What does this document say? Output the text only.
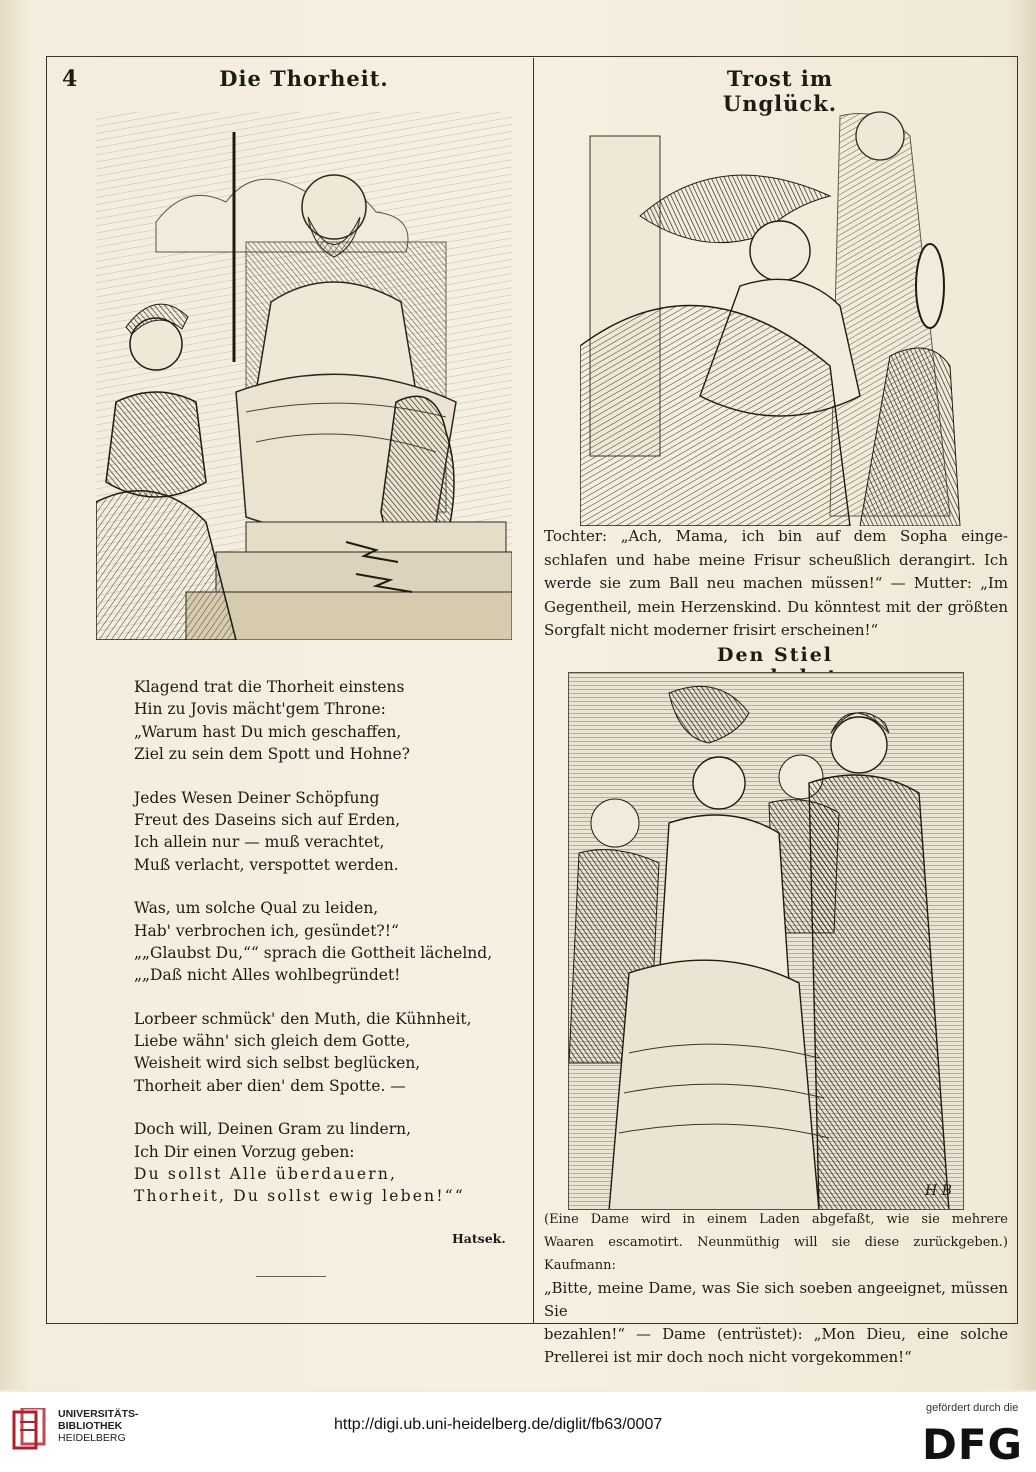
4	Die Thorheit.	Trost im Unglück.
Den Stiel
H B
Klagend trat die Thorheit einstens
Hin zu Jovis mächt'gem Throne:
„Warum hast Du mich geschaffen,
Ziel zu sein dem Spott und Hohne?
Jedes Wesen Deiner Schöpfung
Freut des Daseins sich auf Erden,
Ich allein nur — muß verachtet,
Muß verlacht, verspottet werden.
Was, um solche Qual zu leiden,
Hab' verbrochen ich, gesündet?!“
„„Glaubst Du,““ sprach die Gottheit lächelnd,
„„Daß nicht Alles wohlbegründet!
Lorbeer schmück' den Muth, die Kühnheit,
Liebe wähn' sich gleich dem Gotte,
Weisheit wird sich selbst beglücken,
Thorheit aber dien' dem Spotte. —
Doch will, Deinen Gram zu lindern,
Ich Dir einen Vorzug geben:
Du sollst Alle überdauern,
Thorheit, Du sollst ewig leben!““
Hatsek.
Tochter: „Ach, Mama, ich bin auf dem Sopha einge-
schlafen und habe meine Frisur scheußlich derangirt. Ich
werde sie zum Ball neu machen müssen!“ — Mutter: „Im
Gegentheil, mein Herzenskind. Du könntest mit der größten
Sorgfalt nicht moderner frisirt erscheinen!“
(Eine Dame wird in einem Laden abgefaßt, wie sie mehrere
Waaren escamotirt. Neunmüthig will sie diese zurückgeben.) Kaufmann:
„Bitte, meine Dame, was Sie sich soeben angeeignet, müssen Sie
bezahlen!“ — Dame (entrüstet): „Mon Dieu, eine solche
Prellerei ist mir doch noch nicht vorgekommen!“
UNIVERSITÄTS-
BIBLIOTHEK
HEIDELBERG
http://digi.ub.uni-heidelberg.de/diglit/fb63/0007
gefördert durch die
DFG
